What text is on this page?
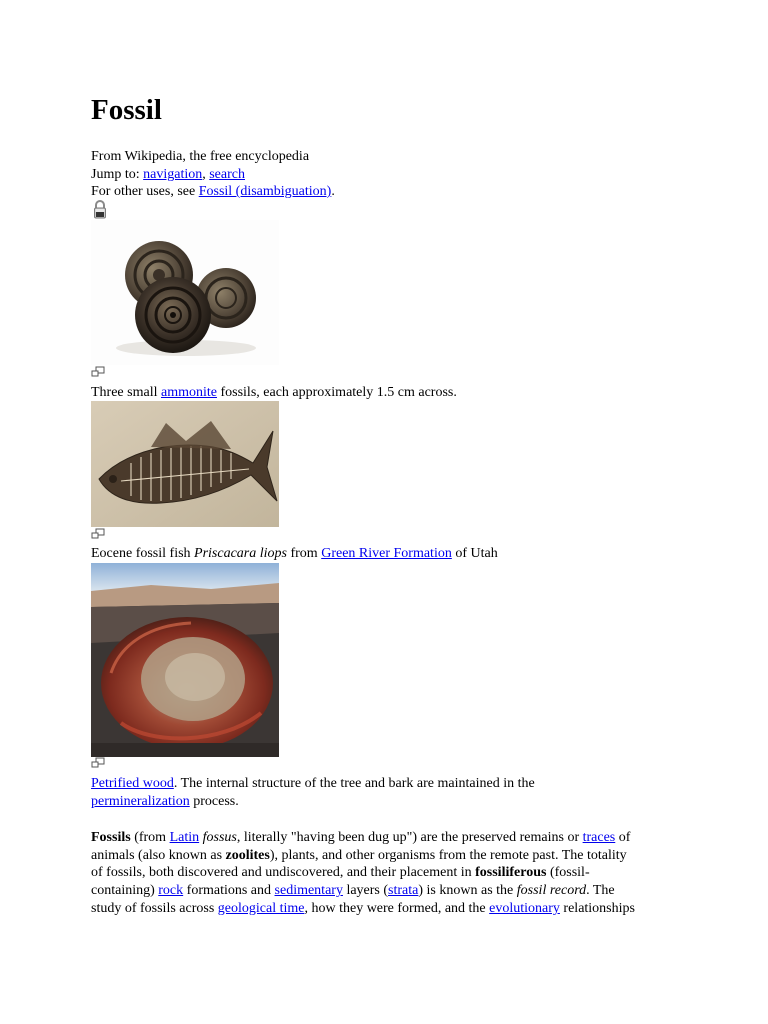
Fossil
From Wikipedia, the free encyclopedia
Jump to: navigation, search
For other uses, see Fossil (disambiguation).
Three small ammonite fossils, each approximately 1.5 cm across.
Eocene fossil fish Priscacara liops from Green River Formation of Utah
Petrified wood. The internal structure of the tree and bark are maintained in the
permineralization process.
Fossils (from Latin fossus, literally "having been dug up") are the preserved remains or traces of
animals (also known as zoolites), plants, and other organisms from the remote past. The totality
of fossils, both discovered and undiscovered, and their placement in fossiliferous (fossil-
containing) rock formations and sedimentary layers (strata) is known as the fossil record. The
study of fossils across geological time, how they were formed, and the evolutionary relationships
